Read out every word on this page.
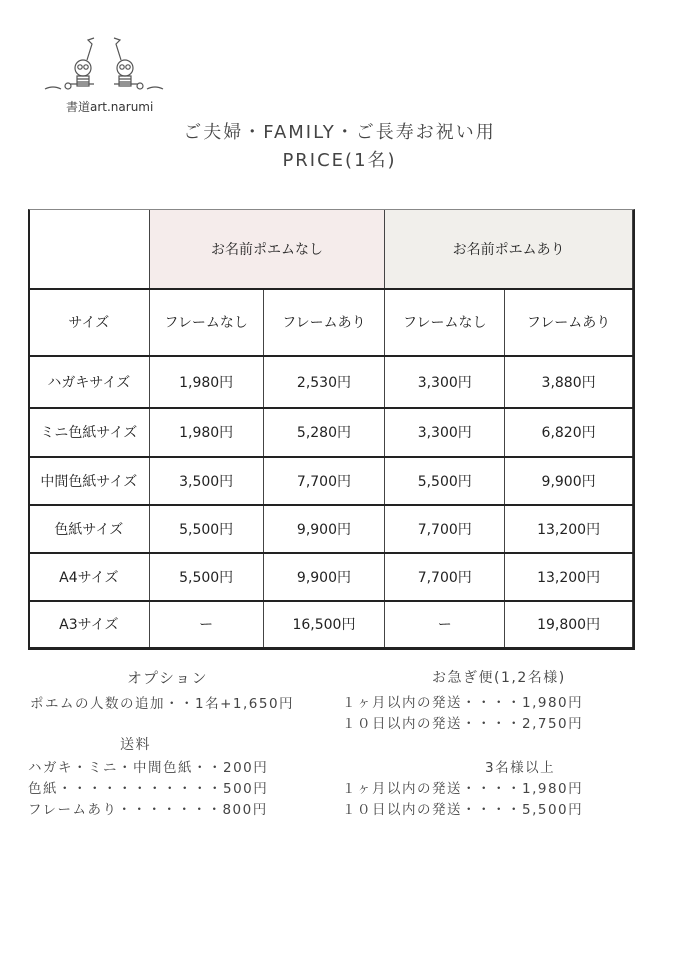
書道art.narumi
ご夫婦・FAMILY・ご長寿お祝い用
PRICE(1名)
	お名前ポエムなし		お名前ポエムあり	
サイズ	フレームなし	フレームあり	フレームなし	フレームあり
ハガキサイズ	1,980円	2,530円	3,300円	3,880円
ミニ色紙サイズ	1,980円	5,280円	3,300円	6,820円
中間色紙サイズ	3,500円	7,700円	5,500円	9,900円
色紙サイズ	5,500円	9,900円	7,700円	13,200円
A4サイズ	5,500円	9,900円	7,700円	13,200円
A3サイズ	ー	16,500円	ー	19,800円
オプション
ポエムの人数の追加・・1名+1,650円
送料
ハガキ・ミニ・中間色紙・・200円
色紙・・・・・・・・・・・500円
フレームあり・・・・・・・800円
お急ぎ便(1,2名様)
１ヶ月以内の発送・・・・1,980円
１０日以内の発送・・・・2,750円
3名様以上
１ヶ月以内の発送・・・・1,980円
１０日以内の発送・・・・5,500円
